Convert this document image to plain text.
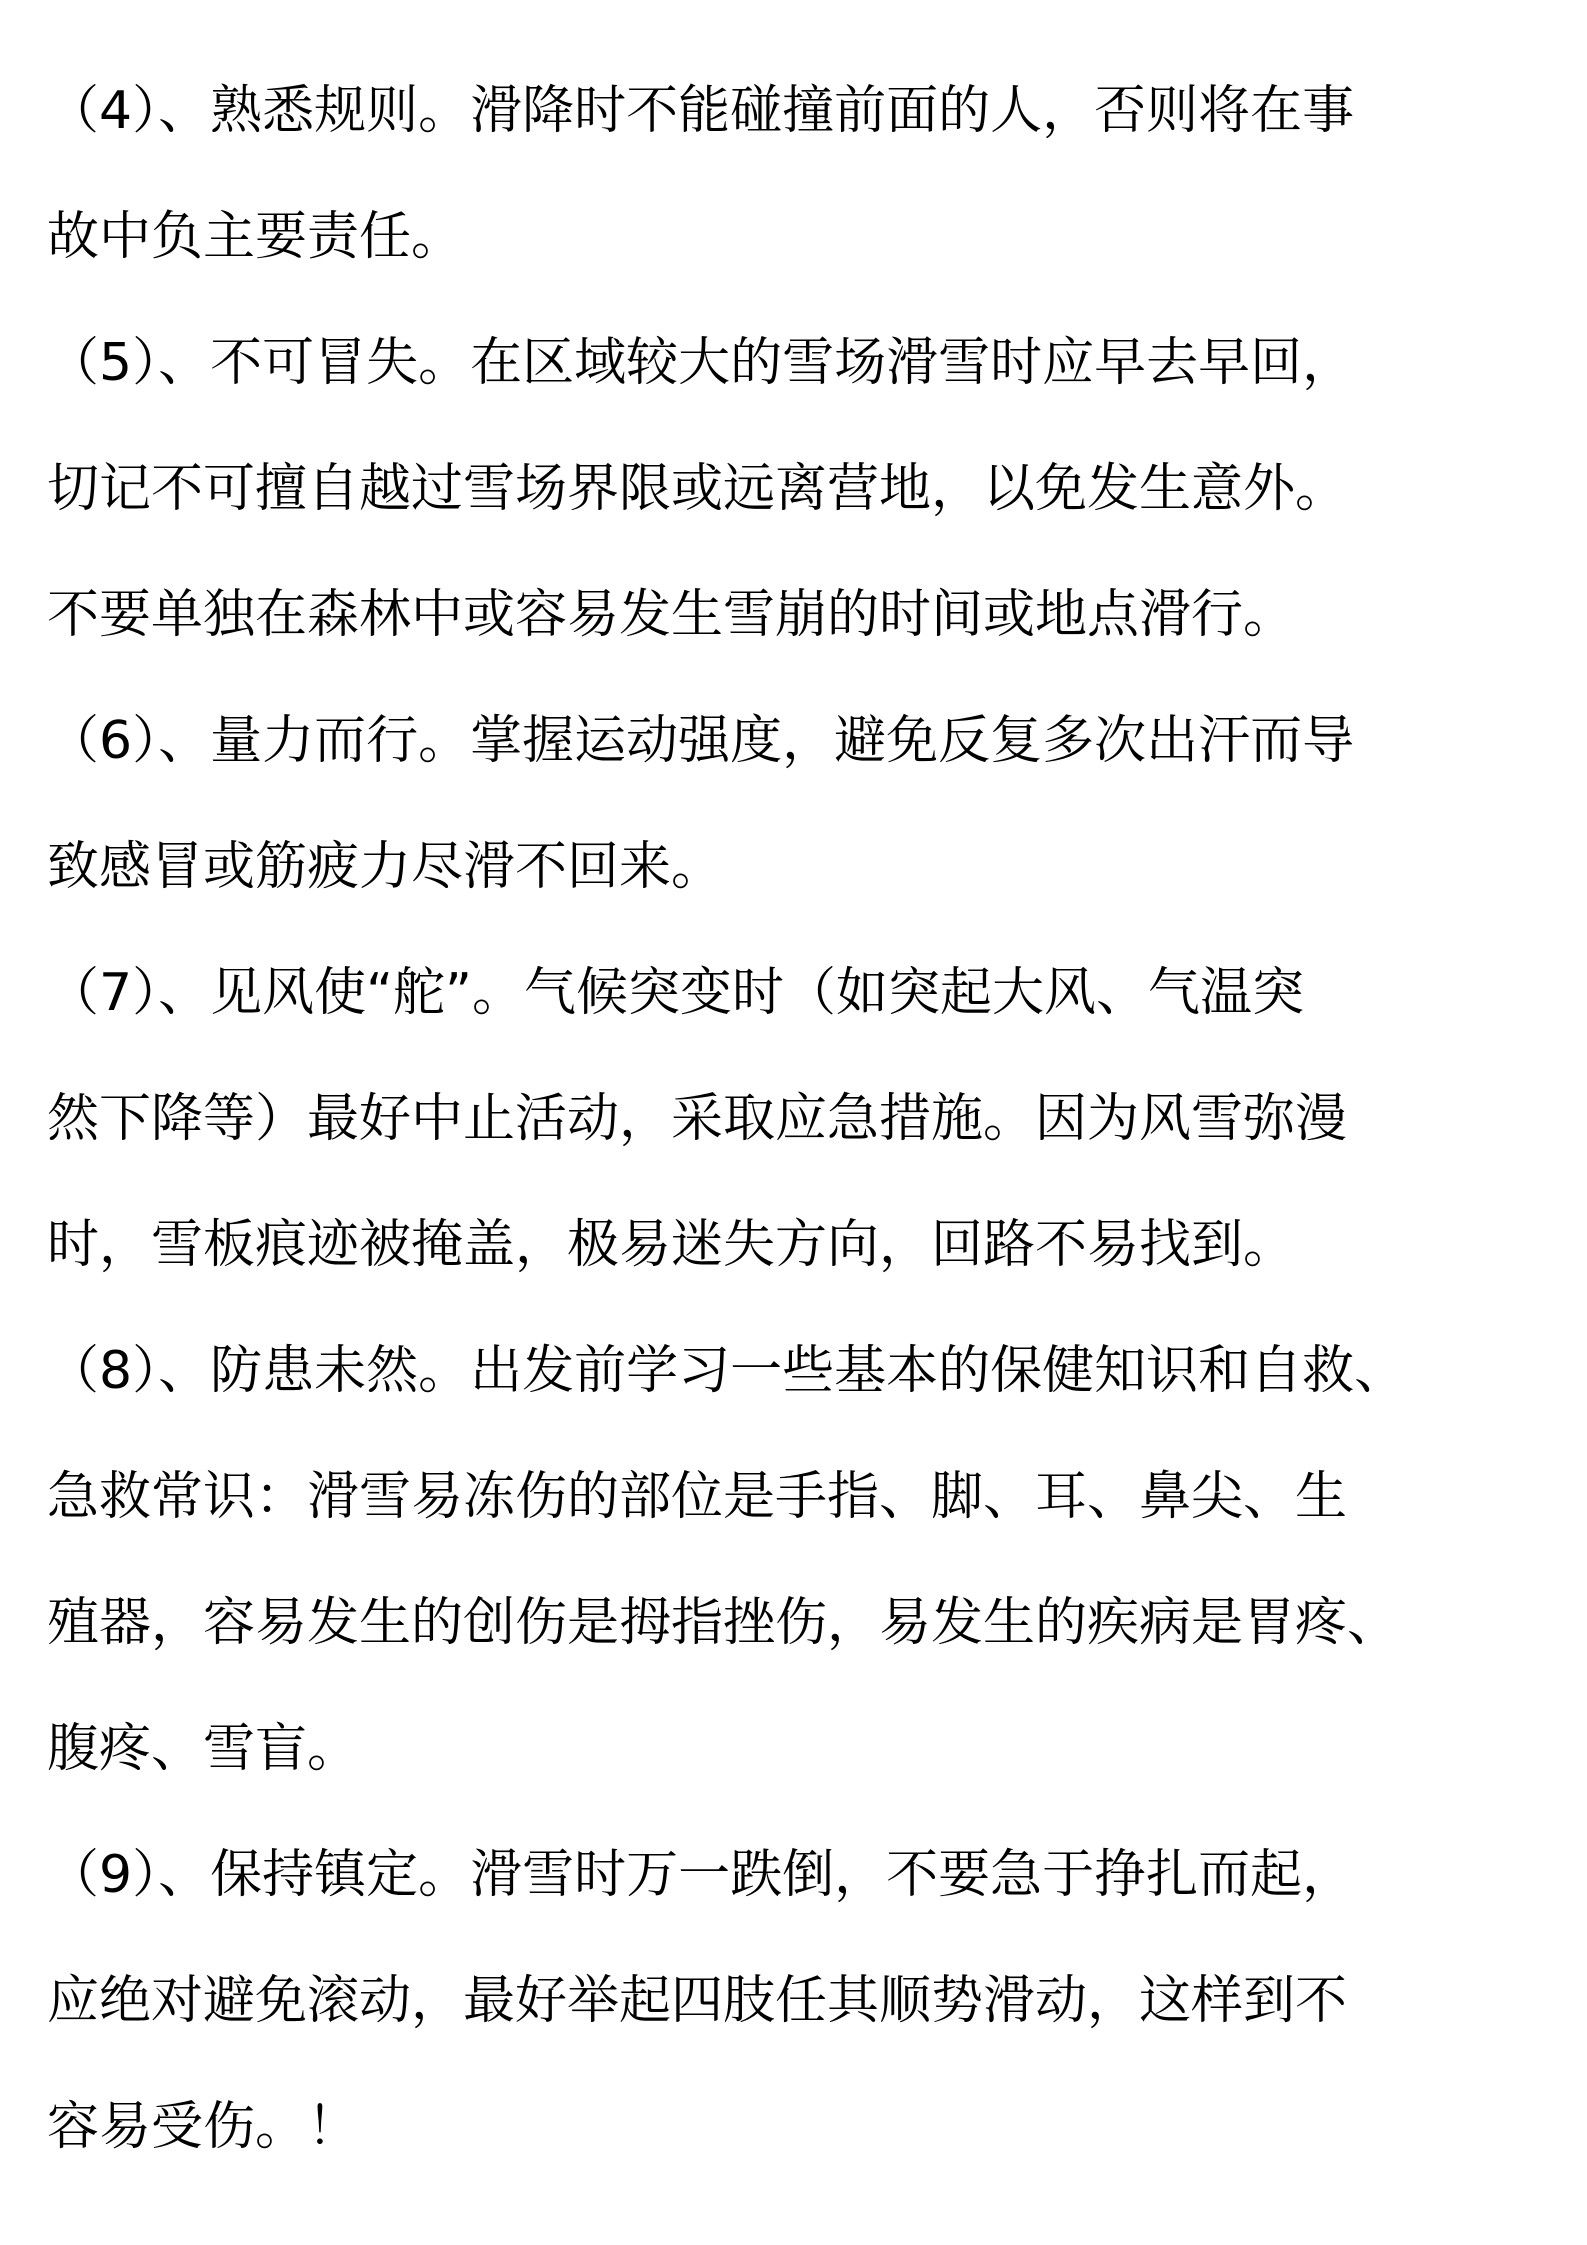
（4）、熟悉规则。滑降时不能碰撞前面的人，否则将在事
故中负主要责任。
（5）、不可冒失。在区域较大的雪场滑雪时应早去早回，
切记不可擅自越过雪场界限或远离营地，以免发生意外。
不要单独在森林中或容易发生雪崩的时间或地点滑行。
（6）、量力而行。掌握运动强度，避免反复多次出汗而导
致感冒或筋疲力尽滑不回来。
（7）、见风使“舵”。气候突变时（如突起大风、气温突
然下降等）最好中止活动，采取应急措施。因为风雪弥漫
时，雪板痕迹被掩盖，极易迷失方向，回路不易找到。
（8）、防患未然。出发前学习一些基本的保健知识和自救、
急救常识：滑雪易冻伤的部位是手指、脚、耳、鼻尖、生
殖器，容易发生的创伤是拇指挫伤，易发生的疾病是胃疼、
腹疼、雪盲。
（9）、保持镇定。滑雪时万一跌倒，不要急于挣扎而起，
应绝对避免滚动，最好举起四肢任其顺势滑动，这样到不
容易受伤。！
